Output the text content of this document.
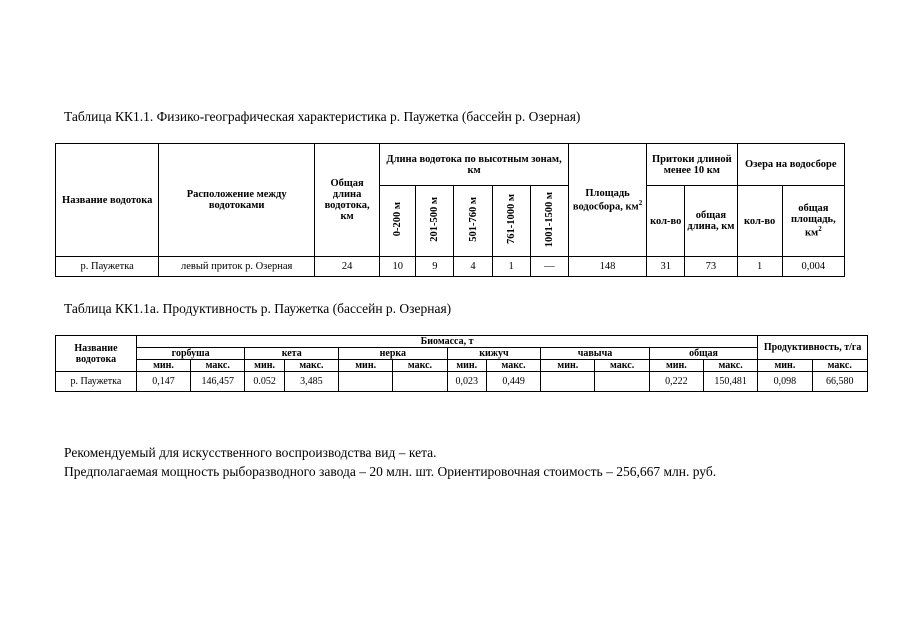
Таблица КК1.1. Физико-географическая характеристика р. Паужетка (бассейн р. Озерная)
Название водотока	Расположение между водотоками	Общая длина водотока, км	Длина водотока по высотным зонам, км					Площадь водосбора, $км^2$	Притоки длиной менее 10 км		Озера на водосборе	
			0-200 м	201-500 м	501-760 м	761-1000 м	1001-1500 м		кол-во	общая длина, км	кол-во	общая площадь, $км^2$
р. Паужетка	левый приток р. Озерная	24	10	9	4	1	—	148	31	73	1	0,004
Таблица КК1.1а. Продуктивность р. Паужетка (бассейн р. Озерная)
Название водотока	Биомасса, т												Продуктивность, т/га	
	горбуша		кета		нерка		кижуч		чавыча		общая			
	мин.	макс.	мин.	макс.	мин.	макс.	мин.	макс.	мин.	макс.	мин.	макс.	мин.	макс.
р. Паужетка	0,147	146,457	0.052	3,485			0,023	0,449			0,222	150,481	0,098	66,580
Рекомендуемый для искусственного воспроизводства вид – кета.
Предполагаемая мощность рыборазводного завода – 20 млн. шт. Ориентировочная стоимость – 256,667 млн. руб.
